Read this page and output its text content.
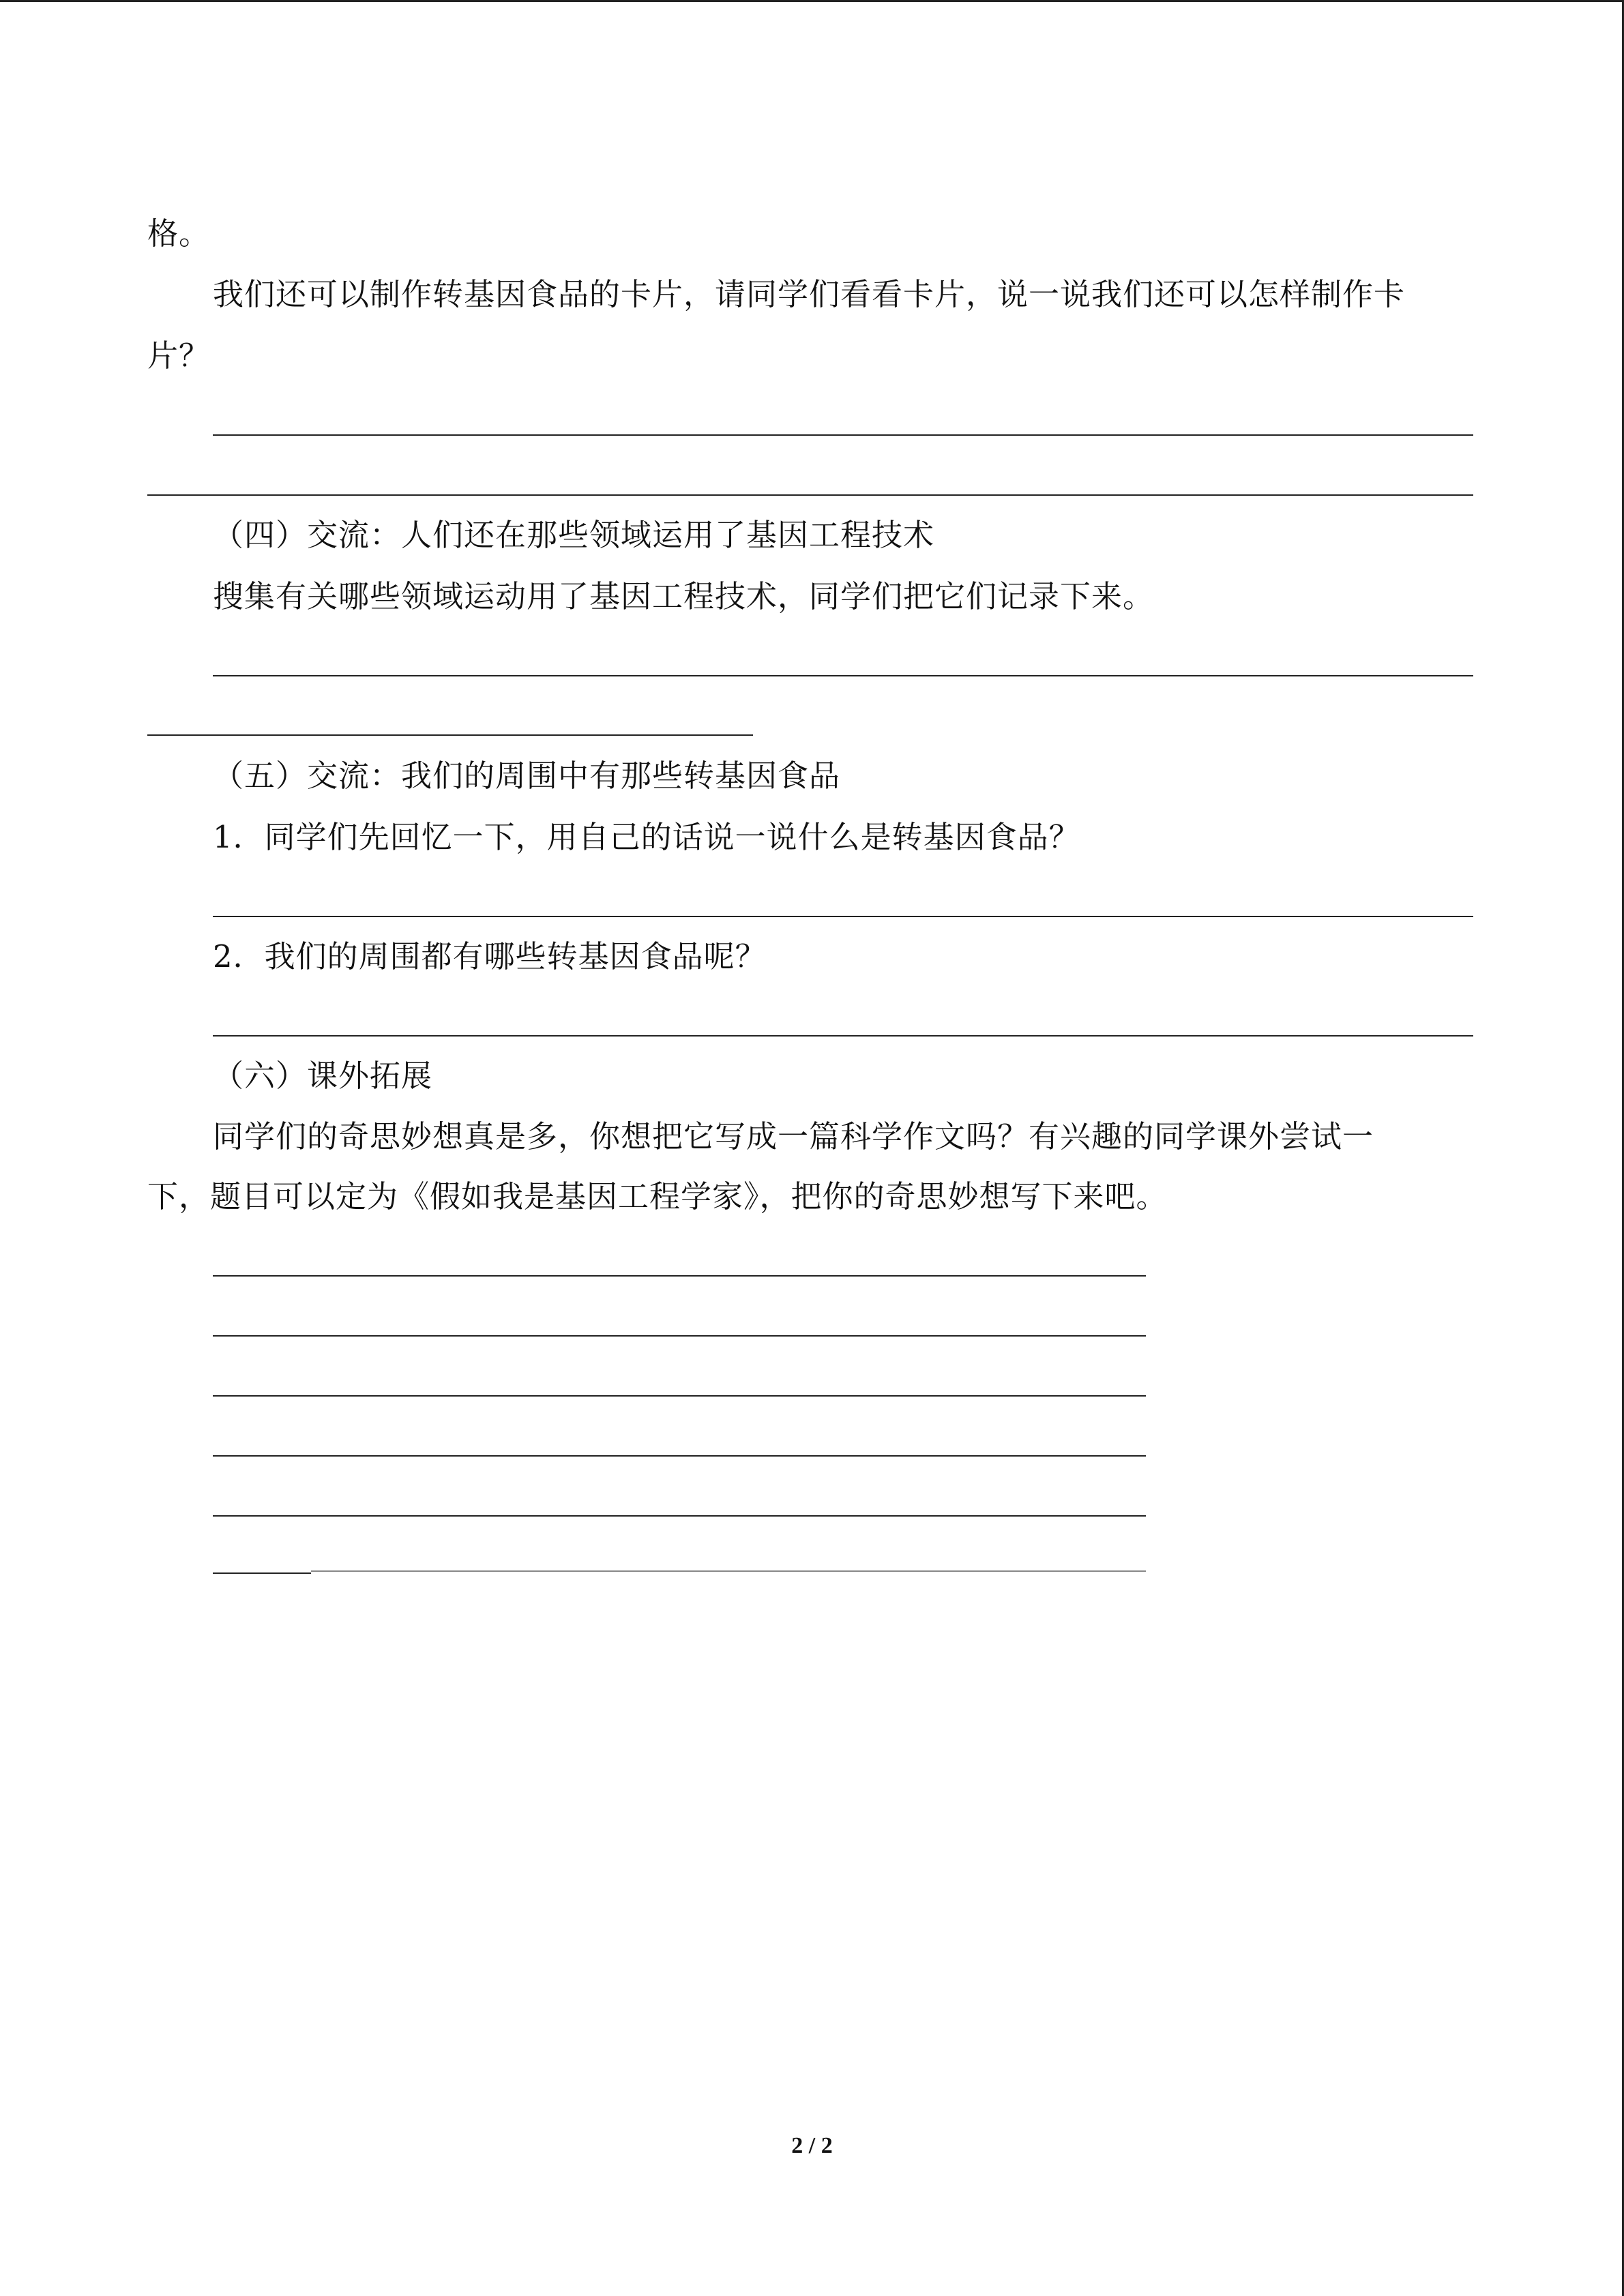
格。
我们还可以制作转基因食品的卡片，请同学们看看卡片，说一说我们还可以怎样制作卡
片？
（四）交流：人们还在那些领域运用了基因工程技术
搜集有关哪些领域运动用了基因工程技术，同学们把它们记录下来。
（五）交流：我们的周围中有那些转基因食品
1．同学们先回忆一下，用自己的话说一说什么是转基因食品？
2．我们的周围都有哪些转基因食品呢？
（六）课外拓展
同学们的奇思妙想真是多，你想把它写成一篇科学作文吗？有兴趣的同学课外尝试一
下，题目可以定为《假如我是基因工程学家》，把你的奇思妙想写下来吧。
2 / 2
